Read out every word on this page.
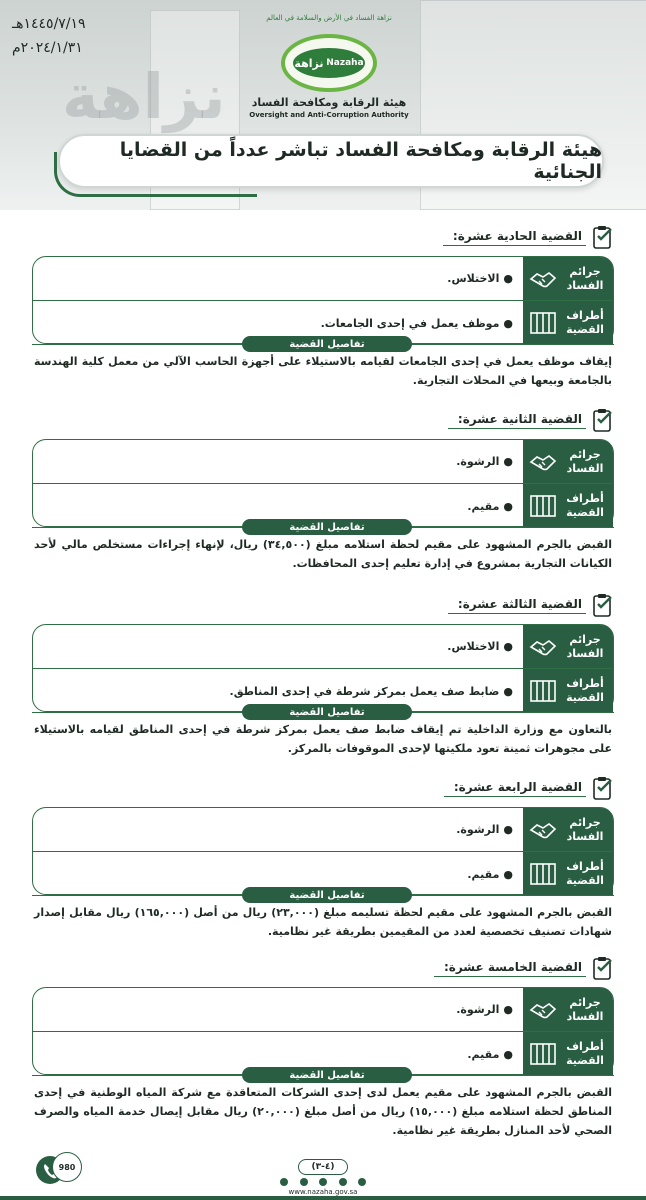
نزاهة
١٤٤٥/٧/١٩هـ
٢٠٢٤/١/٣١م
نزاهة الفساد في الأرض والسلامة في العالم
Nazaha
نزاهة
هيئة الرقابة ومكافحة الفساد
Oversight and Anti-Corruption Authority
هيئة الرقابة ومكافحة الفساد تباشر عدداً من القضايا الجنائية
القضية الحادية عشرة:
جرائم الفساد
●
الاختلاس.
أطراف القضية
●
موظف يعمل في إحدى الجامعات.
تفاصيل القضية
إيقاف موظف يعمل في إحدى الجامعات لقيامه بالاستيلاء على أجهزة الحاسب الآلي من معمل كلية الهندسة بالجامعة وبيعها في المحلات التجارية.
القضية الثانية عشرة:
جرائم الفساد
●
الرشوة.
أطراف القضية
●
مقيم.
تفاصيل القضية
القبض بالجرم المشهود على مقيم لحظة استلامه مبلغ (٣٤,٥٠٠) ريال، لإنهاء إجراءات مستخلص مالي لأحد الكيانات التجارية بمشروع في إدارة تعليم إحدى المحافظات.
القضية الثالثة عشرة:
جرائم الفساد
●
الاختلاس.
أطراف القضية
●
ضابط صف يعمل بمركز شرطة في إحدى المناطق.
تفاصيل القضية
بالتعاون مع وزارة الداخلية تم إيقاف ضابط صف يعمل بمركز شرطة في إحدى المناطق لقيامه بالاستيلاء على مجوهرات ثمينة تعود ملكيتها لإحدى الموقوفات بالمركز.
القضية الرابعة عشرة:
جرائم الفساد
●
الرشوة.
أطراف القضية
●
مقيم.
تفاصيل القضية
القبض بالجرم المشهود على مقيم لحظة تسليمه مبلغ (٢٣,٠٠٠) ريال من أصل (١٦٥,٠٠٠) ريال مقابل إصدار شهادات تصنيف تخصصية لعدد من المقيمين بطريقة غير نظامية.
القضية الخامسة عشرة:
جرائم الفساد
●
الرشوة.
أطراف القضية
●
مقيم.
تفاصيل القضية
القبض بالجرم المشهود على مقيم يعمل لدى إحدى الشركات المتعاقدة مع شركة المياه الوطنية في إحدى المناطق لحظة استلامه مبلغ (١٥,٠٠٠) ريال من أصل مبلغ (٢٠,٠٠٠) ريال مقابل إيصال خدمة المياه والصرف الصحي لأحد المنازل بطريقة غير نظامية.
980	(٤-٣)
www.nazaha.gov.sa
